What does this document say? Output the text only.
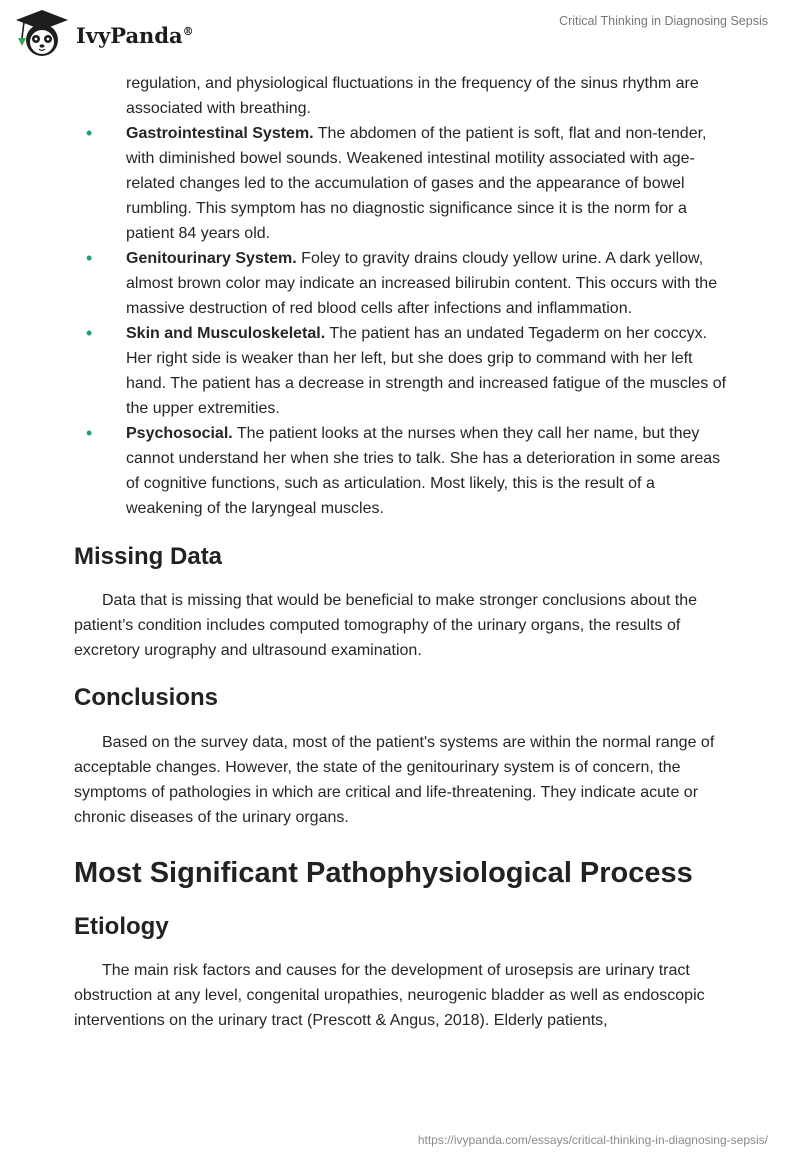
IvyPanda®
Critical Thinking in Diagnosing Sepsis
regulation, and physiological fluctuations in the frequency of the sinus rhythm are associated with breathing.
• Gastrointestinal System. The abdomen of the patient is soft, flat and non-tender, with diminished bowel sounds. Weakened intestinal motility associated with age-related changes led to the accumulation of gases and the appearance of bowel rumbling. This symptom has no diagnostic significance since it is the norm for a patient 84 years old.
• Genitourinary System. Foley to gravity drains cloudy yellow urine. A dark yellow, almost brown color may indicate an increased bilirubin content. This occurs with the massive destruction of red blood cells after infections and inflammation.
• Skin and Musculoskeletal. The patient has an undated Tegaderm on her coccyx. Her right side is weaker than her left, but she does grip to command with her left hand. The patient has a decrease in strength and increased fatigue of the muscles of the upper extremities.
• Psychosocial. The patient looks at the nurses when they call her name, but they cannot understand her when she tries to talk. She has a deterioration in some areas of cognitive functions, such as articulation. Most likely, this is the result of a weakening of the laryngeal muscles.
Missing Data

Data that is missing that would be beneficial to make stronger conclusions about the patient’s condition includes computed tomography of the urinary organs, the results of excretory urography and ultrasound examination.

Conclusions

Based on the survey data, most of the patient's systems are within the normal range of acceptable changes. However, the state of the genitourinary system is of concern, the symptoms of pathologies in which are critical and life-threatening. They indicate acute or chronic diseases of the urinary organs.

Most Significant Pathophysiological Process
Etiology

The main risk factors and causes for the development of urosepsis are urinary tract obstruction at any level, congenital uropathies, neurogenic bladder as well as endoscopic interventions on the urinary tract (Prescott & Angus, 2018). Elderly patients,

https://ivypanda.com/essays/critical-thinking-in-diagnosing-sepsis/
